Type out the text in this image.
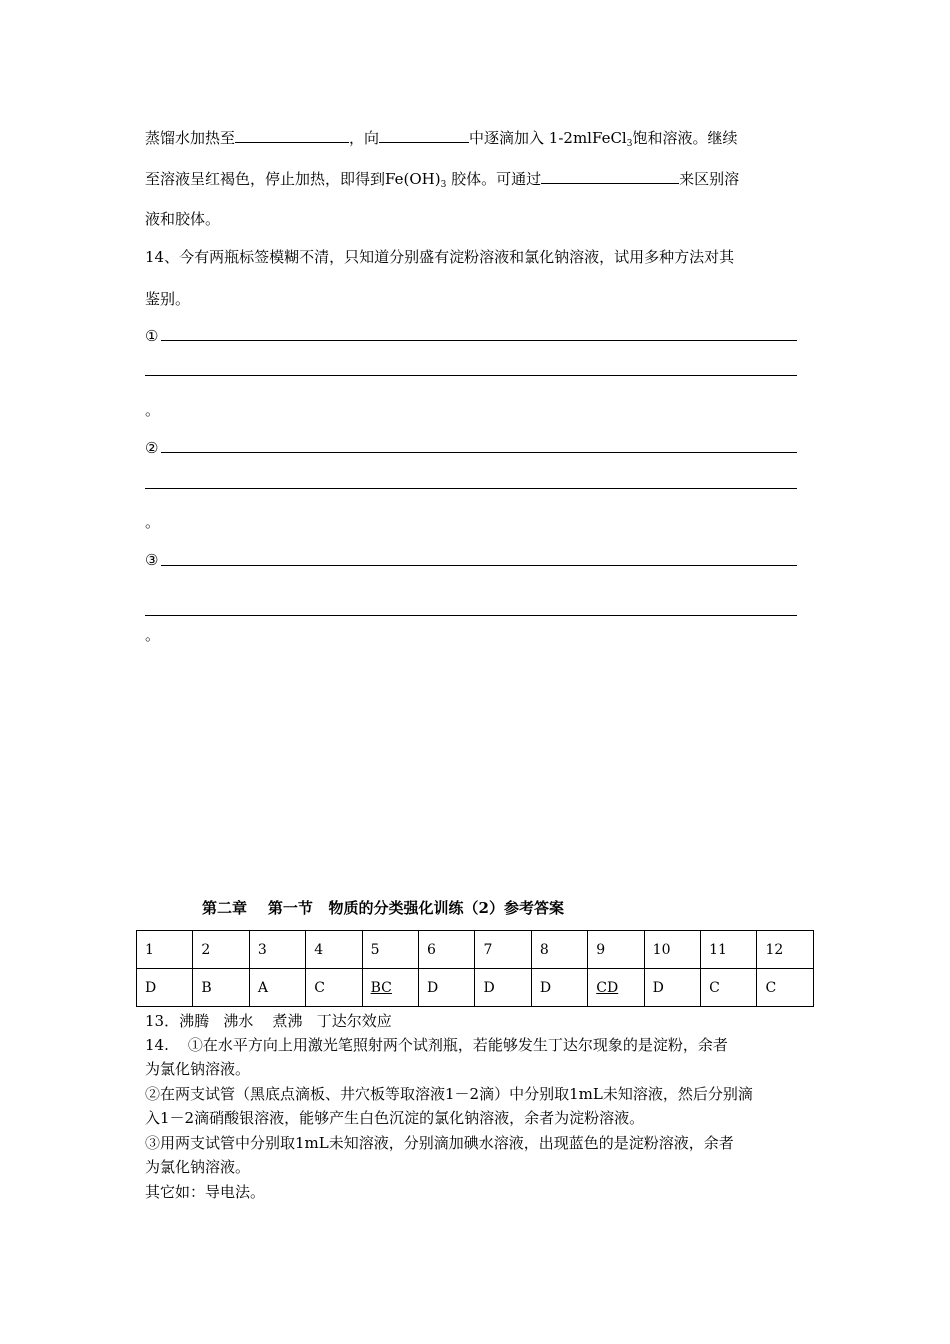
蒸馏水加热至	，向	中逐滴加入 1-2mlFeCl$_3$饱和溶液。继续
至溶液呈红褐色，停止加热，即得到$Fe(OH)_3$ 胶体。可通过	来区别溶
液和胶体。
14、今有两瓶标签模糊不清，只知道分别盛有淀粉溶液和氯化钠溶液，试用多种方法对其
鉴别。
①
。
②
。
③
。
第二章    第一节   物质的分类强化训练（2）参考答案
1	2	3	4	5	6	7	8	9	10	11	12
D	B	A	C	BC	D	D	D	CD	D	C	C
13．沸腾   沸水    煮沸   丁达尔效应
14.    ①在水平方向上用激光笔照射两个试剂瓶，若能够发生丁达尔现象的是淀粉，余者
为氯化钠溶液。
②在两支试管（黑底点滴板、井穴板等取溶液1－2滴）中分别取1mL未知溶液，然后分别滴
入1－2滴硝酸银溶液，能够产生白色沉淀的氯化钠溶液，余者为淀粉溶液。
③用两支试管中分别取1mL未知溶液，分别滴加碘水溶液，出现蓝色的是淀粉溶液，余者
为氯化钠溶液。
其它如：导电法。
